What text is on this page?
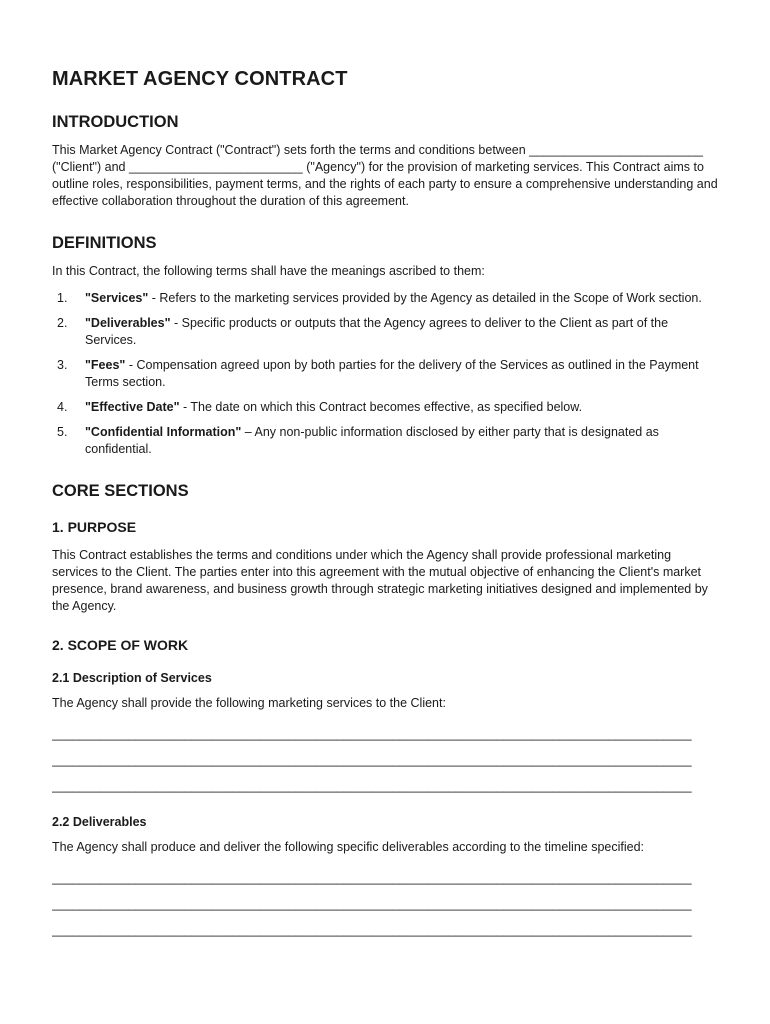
MARKET AGENCY CONTRACT
INTRODUCTION

This Market Agency Contract ("Contract") sets forth the terms and conditions between _________________________ ("Client") and _________________________ ("Agency") for the provision of marketing services. This Contract aims to outline roles, responsibilities, payment terms, and the rights of each party to ensure a comprehensive understanding and effective collaboration throughout the duration of this agreement.

DEFINITIONS

In this Contract, the following terms shall have the meanings ascribed to them:

1. "Services" - Refers to the marketing services provided by the Agency as detailed in the Scope of Work section.
2. "Deliverables" - Specific products or outputs that the Agency agrees to deliver to the Client as part of the Services.
3. "Fees" - Compensation agreed upon by both parties for the delivery of the Services as outlined in the Payment Terms section.
4. "Effective Date" - The date on which this Contract becomes effective, as specified below.
5. "Confidential Information" – Any non-public information disclosed by either party that is designated as confidential.
CORE SECTIONS
1. PURPOSE

This Contract establishes the terms and conditions under which the Agency shall provide professional marketing services to the Client. The parties enter into this agreement with the mutual objective of enhancing the Client's market presence, brand awareness, and business growth through strategic marketing initiatives designed and implemented by the Agency.

2. SCOPE OF WORK
2.1 Description of Services

The Agency shall provide the following marketing services to the Client:

____________________________________________________________________________________________
____________________________________________________________________________________________
____________________________________________________________________________________________
2.2 Deliverables

The Agency shall produce and deliver the following specific deliverables according to the timeline specified:

____________________________________________________________________________________________
____________________________________________________________________________________________
____________________________________________________________________________________________
